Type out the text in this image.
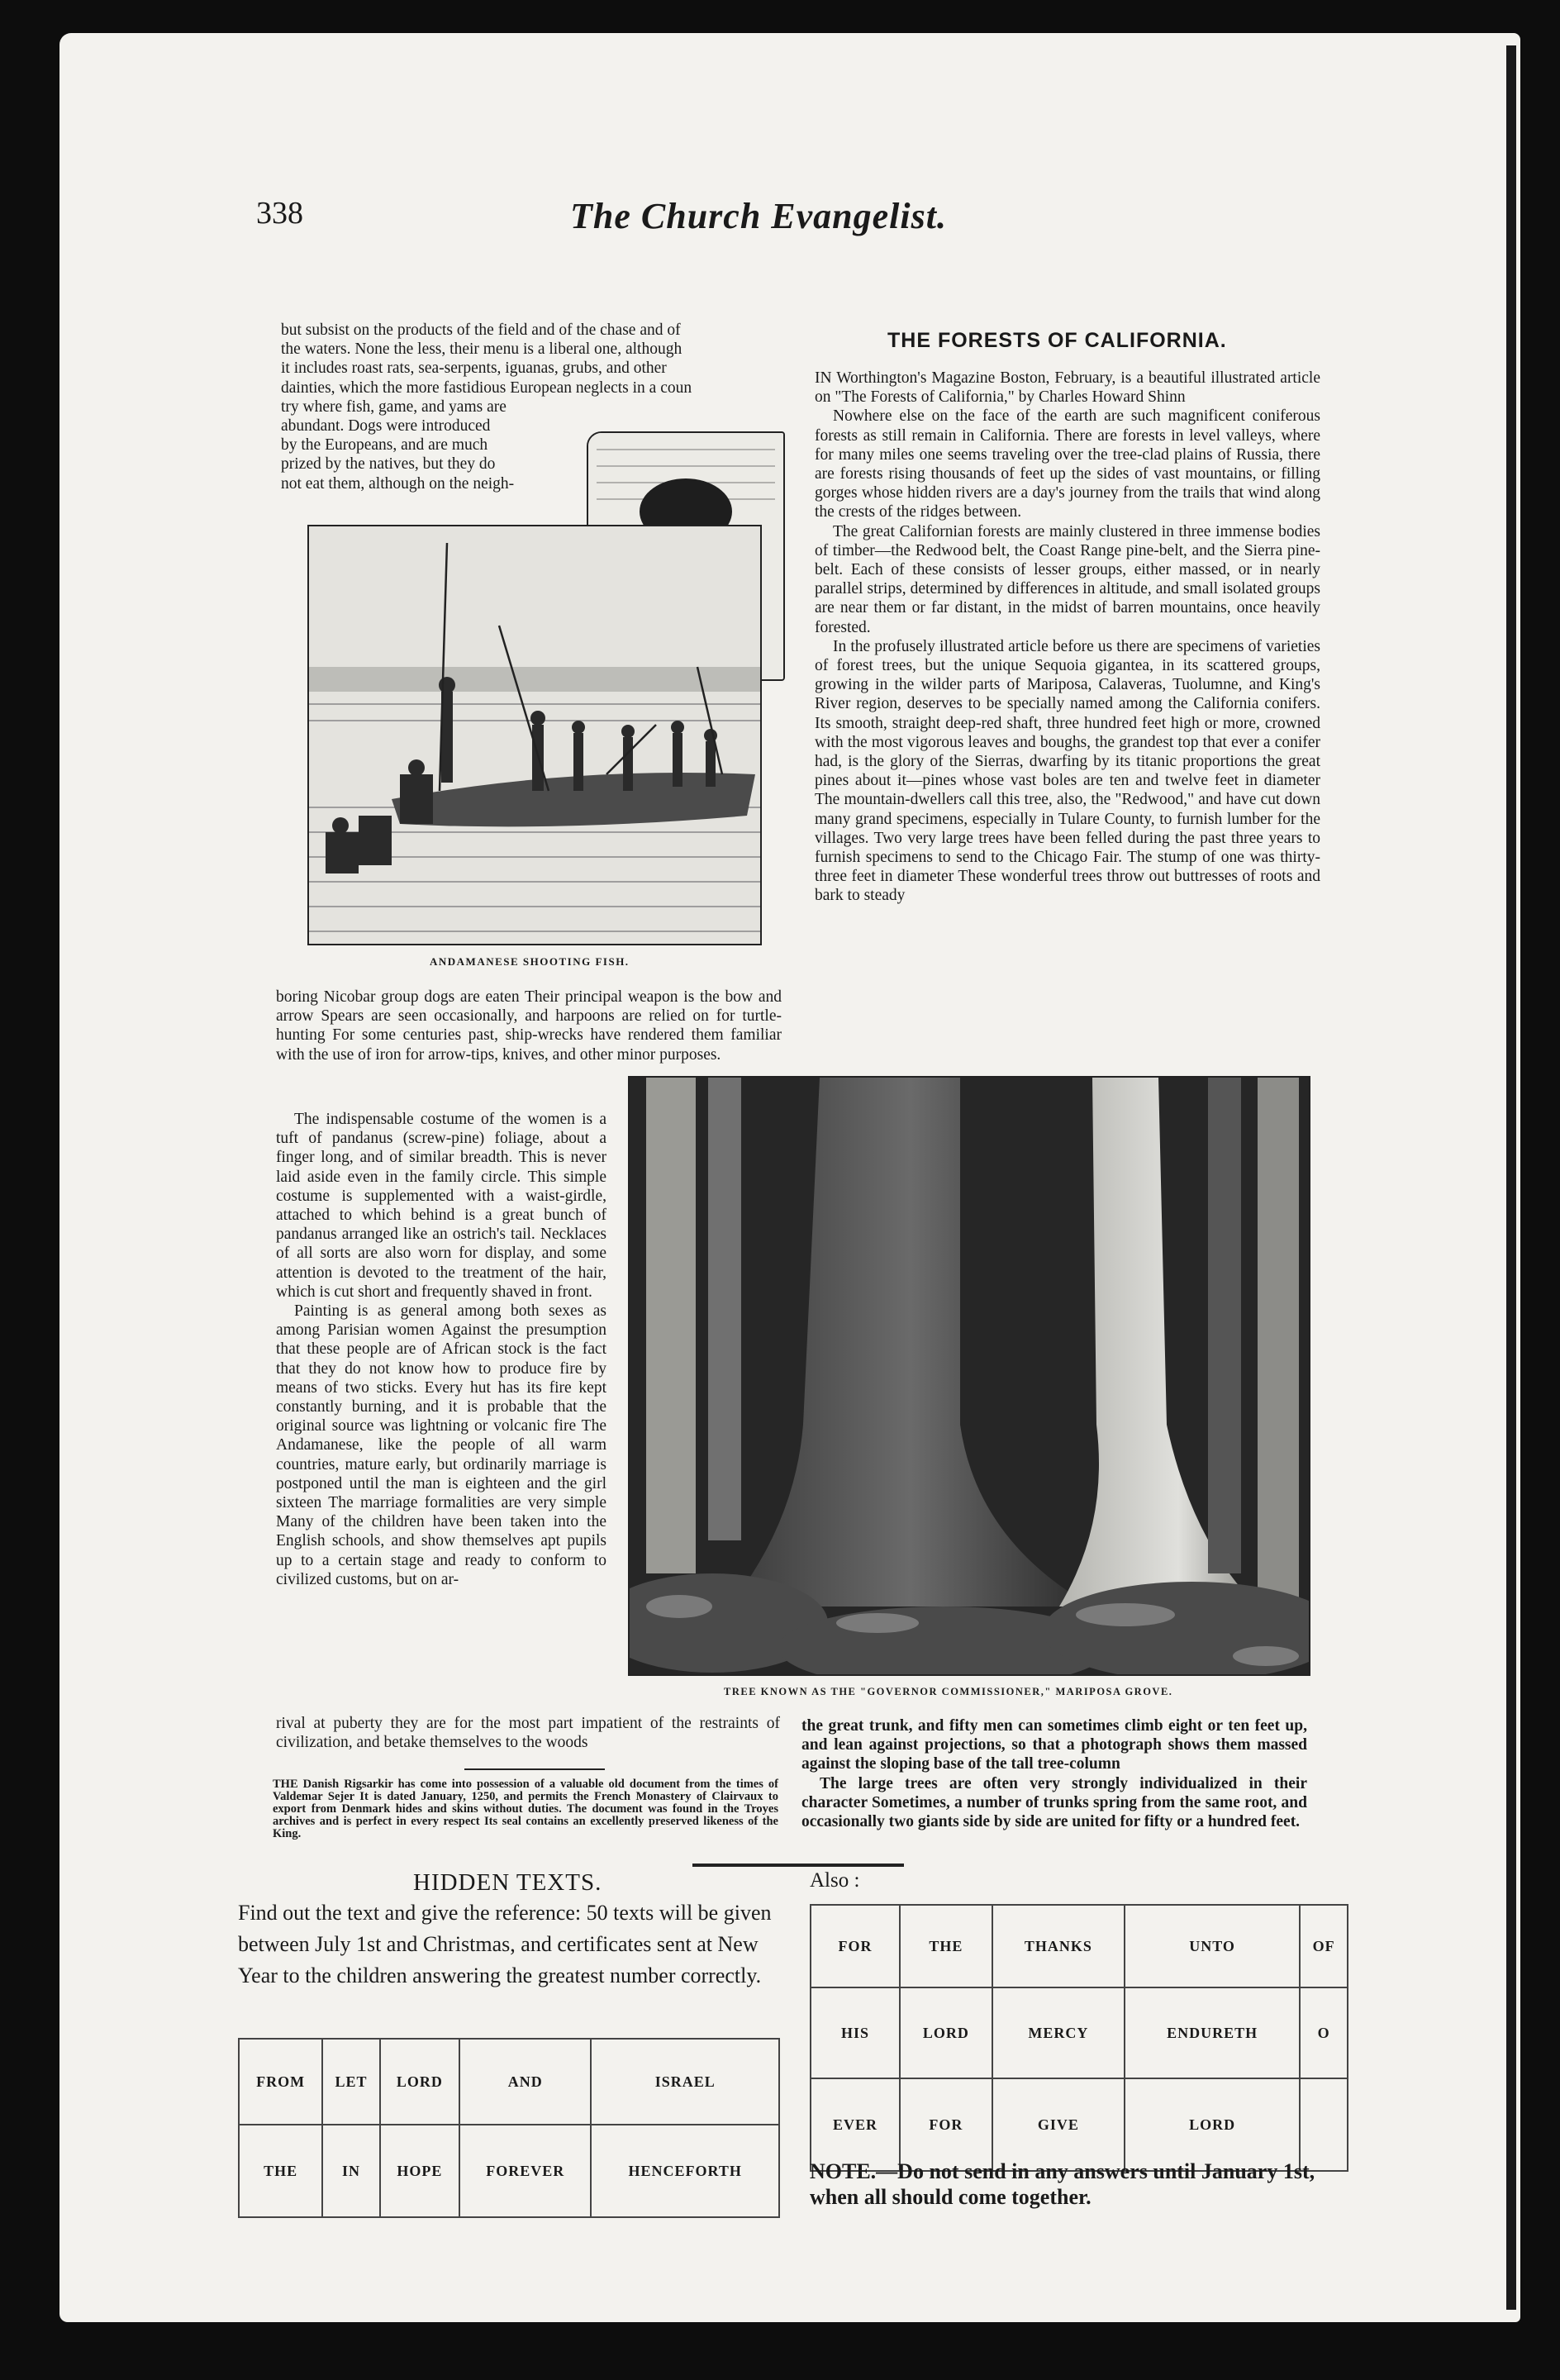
338	The Church Evangelist.
but subsist on the products of the field and of the chase and of
the waters. None the less, their menu is a liberal one, although
it includes roast rats, sea-serpents, iguanas, grubs, and other
dainties, which the more fastidious European neglects in a coun
try where fish, game, and yams are
abundant. Dogs were introduced
by the Europeans, and are much
prized by the natives, but they do
not eat them, although on the neigh-
ANDAMANESE SHOOTING FISH.

boring Nicobar group dogs are eaten Their principal weapon is the bow and arrow Spears are seen occasionally, and harpoons are relied on for turtle-hunting For some centuries past, ship-wrecks have rendered them familiar with the use of iron for arrow-tips, knives, and other minor purposes.

The indispensable costume of the women is a tuft of pandanus (screw-pine) foliage, about a finger long, and of similar breadth. This is never laid aside even in the family circle. This simple costume is supplemented with a waist-girdle, attached to which behind is a great bunch of pandanus arranged like an ostrich's tail. Necklaces of all sorts are also worn for display, and some attention is devoted to the treatment of the hair, which is cut short and frequently shaved in front.

Painting is as general among both sexes as among Parisian women Against the presumption that these people are of African stock is the fact that they do not know how to produce fire by means of two sticks. Every hut has its fire kept constantly burning, and it is probable that the original source was lightning or volcanic fire The Andamanese, like the people of all warm countries, mature early, but ordinarily marriage is postponed until the man is eighteen and the girl sixteen The marriage formalities are very simple Many of the children have been taken into the English schools, and show themselves apt pupils up to a certain stage and ready to conform to civilized customs, but on ar-

rival at puberty they are for the most part impatient of the restraints of civilization, and betake themselves to the woods

THE FORESTS OF CALIFORNIA.

IN Worthington's Magazine Boston, February, is a beautiful illustrated article on "The Forests of California," by Charles Howard Shinn

Nowhere else on the face of the earth are such magnificent coniferous forests as still remain in California. There are forests in level valleys, where for many miles one seems traveling over the tree-clad plains of Russia, there are forests rising thousands of feet up the sides of vast mountains, or filling gorges whose hidden rivers are a day's journey from the trails that wind along the crests of the ridges between.

The great Californian forests are mainly clustered in three immense bodies of timber—the Redwood belt, the Coast Range pine-belt, and the Sierra pine-belt. Each of these consists of lesser groups, either massed, or in nearly parallel strips, determined by differences in altitude, and small isolated groups are near them or far distant, in the midst of barren mountains, once heavily forested.

In the profusely illustrated article before us there are specimens of varieties of forest trees, but the unique Sequoia gigantea, in its scattered groups, growing in the wilder parts of Mariposa, Calaveras, Tuolumne, and King's River region, deserves to be specially named among the California conifers. Its smooth, straight deep-red shaft, three hundred feet high or more, crowned with the most vigorous leaves and boughs, the grandest top that ever a conifer had, is the glory of the Sierras, dwarfing by its titanic proportions the great pines about it—pines whose vast boles are ten and twelve feet in diameter The mountain-dwellers call this tree, also, the "Redwood," and have cut down many grand specimens, especially in Tulare County, to furnish lumber for the villages. Two very large trees have been felled during the past three years to furnish specimens to send to the Chicago Fair. The stump of one was thirty-three feet in diameter These wonderful trees throw out buttresses of roots and bark to steady

TREE KNOWN AS THE "GOVERNOR COMMISSIONER," MARIPOSA GROVE.

the great trunk, and fifty men can sometimes climb eight or ten feet up, and lean against projections, so that a photograph shows them massed against the sloping base of the tall tree-column

The large trees are often very strongly individualized in their character Sometimes, a number of trunks spring from the same root, and occasionally two giants side by side are united for fifty or a hundred feet.

THE Danish Rigsarkir has come into possession of a valuable old document from the times of Valdemar Sejer It is dated January, 1250, and permits the French Monastery of Clairvaux to export from Denmark hides and skins without duties. The document was found in the Troyes archives and is perfect in every respect Its seal contains an excellently preserved likeness of the King.
HIDDEN TEXTS.
Find out the text and give the reference: 50 texts will be given between July 1st and Christmas, and certificates sent at New Year to the children answering the greatest number correctly.
FROM	LET	LORD	AND	ISRAEL
THE	IN	HOPE	FOREVER	HENCEFORTH
Also :
FOR	THE	THANKS	UNTO	OF
HIS	LORD	MERCY	ENDURETH	O
EVER	FOR	GIVE	LORD	
NOTE.—Do not send in any answers until January 1st, when all should come together.
